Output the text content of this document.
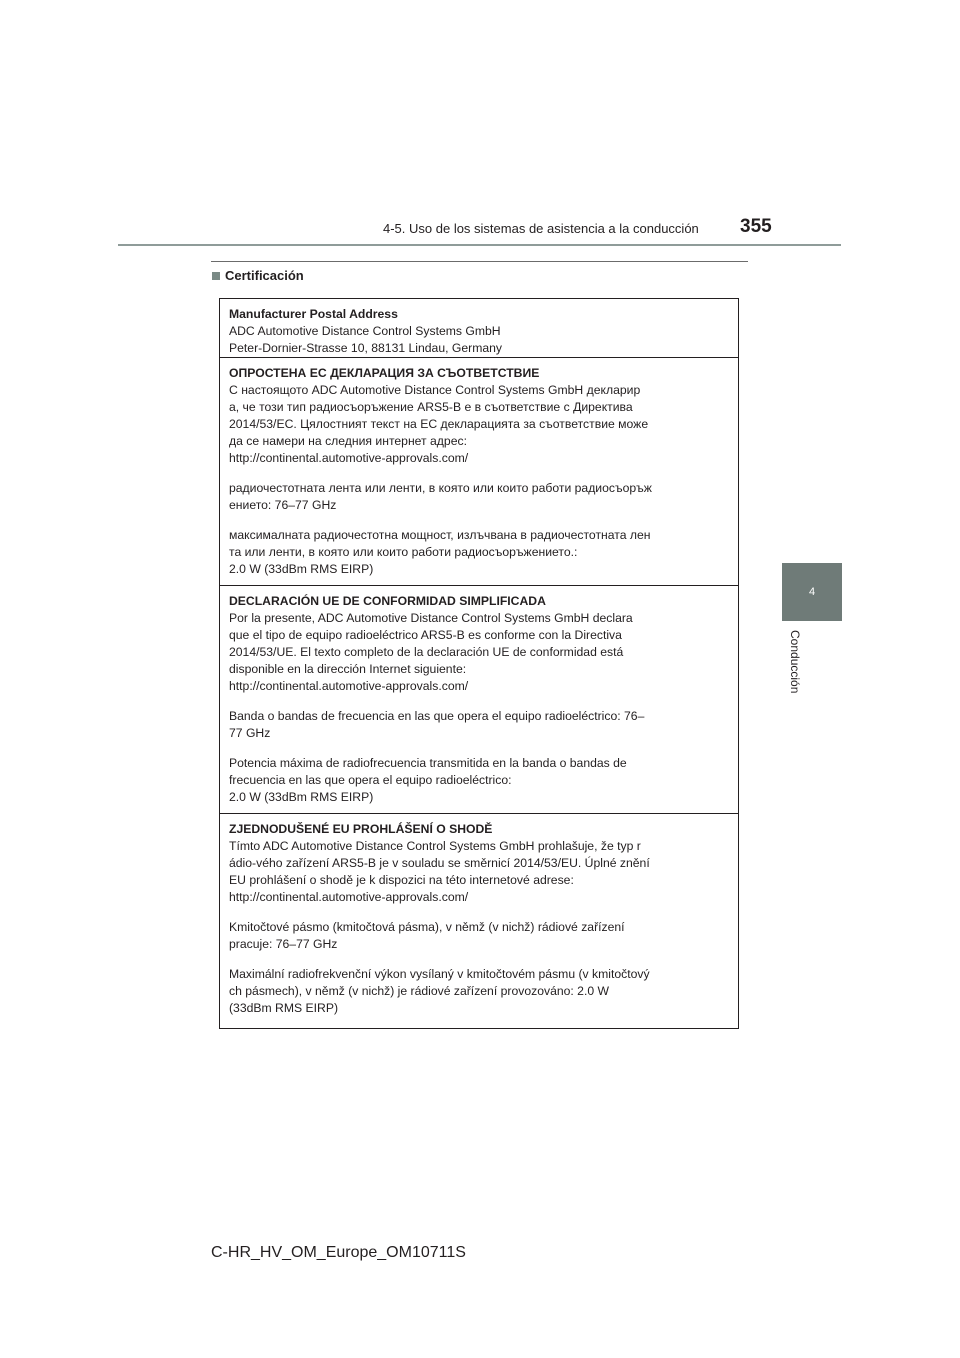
4-5. Uso de los sistemas de asistencia a la conducción 355
4
Conducción
Certificación
Manufacturer Postal Address
ADC Automotive Distance Control Systems GmbH
Peter-Dornier-Strasse 10, 88131 Lindau, Germany
ОПРОСТЕНА ЕС ДЕКЛАРАЦИЯ ЗА СЪОТВЕТСТВИЕ
С настоящото ADC Automotive Distance Control Systems GmbH декларир
а, че този тип радиосъоръжение ARS5-B е в съответствие с Директива
2014/53/ЕС. Цялостният текст на ЕС декларацията за съответствие може
да се намери на следния интернет адрес:
http://continental.automotive-approvals.com/
радиочестотната лента или ленти, в която или които работи радиосъоръж
ението: 76–77 GHz
максималната радиочестотна мощност, излъчвана в радиочестотната лен
та или ленти, в която или които работи радиосъоръжението.:
2.0 W (33dBm RMS EIRP)
DECLARACIÓN UE DE CONFORMIDAD SIMPLIFICADA
Por la presente, ADC Automotive Distance Control Systems GmbH declara
que el tipo de equipo radioeléctrico ARS5-B es conforme con la Directiva
2014/53/UE. El texto completo de la declaración UE de conformidad está
disponible en la dirección Internet siguiente:
http://continental.automotive-approvals.com/
Banda o bandas de frecuencia en las que opera el equipo radioeléctrico: 76–
77 GHz
Potencia máxima de radiofrecuencia transmitida en la banda o bandas de
frecuencia en las que opera el equipo radioeléctrico:
2.0 W (33dBm RMS EIRP)
ZJEDNODUŠENÉ EU PROHLÁŠENÍ O SHODĚ
Tímto ADC Automotive Distance Control Systems GmbH prohlašuje, že typ r
ádio-vého zařízení ARS5-B je v souladu se směrnicí 2014/53/EU. Úplné znění
EU prohlášení o shodě je k dispozici na této internetové adrese:
http://continental.automotive-approvals.com/
Kmitočtové pásmo (kmitočtová pásma), v němž (v nichž) rádiové zařízení
pracuje: 76–77 GHz
Maximální radiofrekvenční výkon vysílaný v kmitočtovém pásmu (v kmitočtový
ch pásmech), v němž (v nichž) je rádiové zařízení provozováno: 2.0 W
(33dBm RMS EIRP)
C-HR_HV_OM_Europe_OM10711S
